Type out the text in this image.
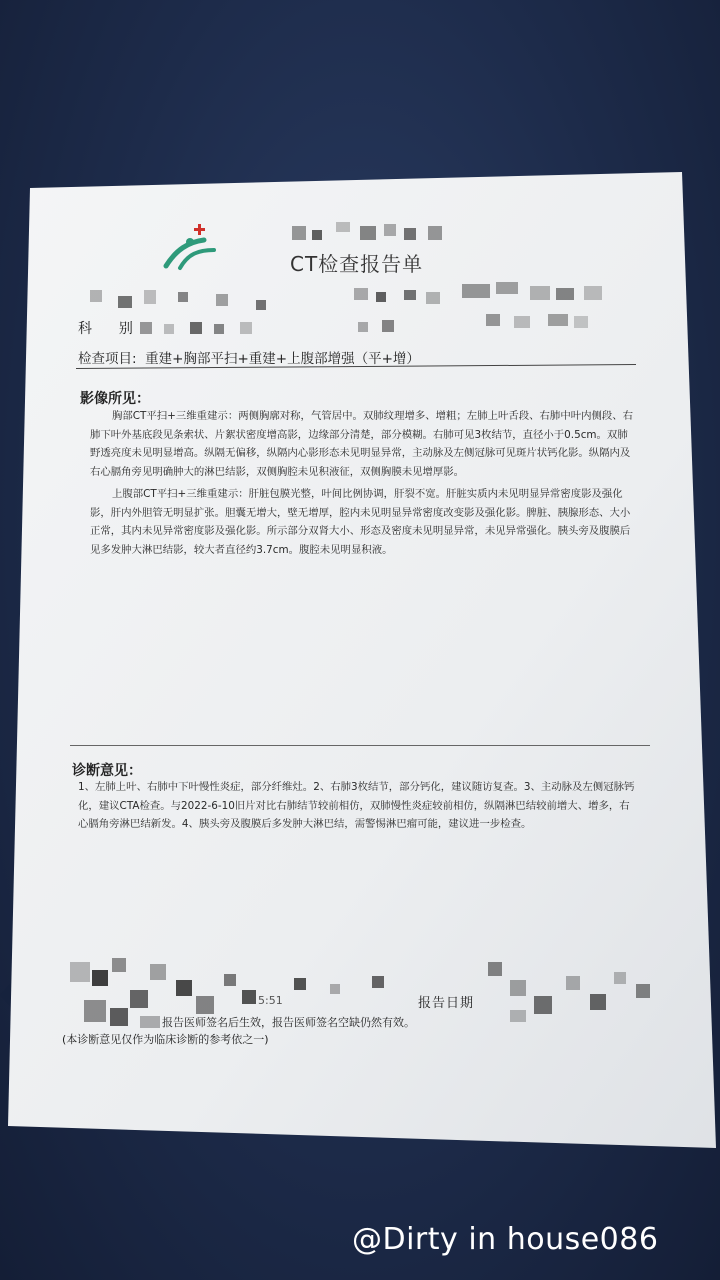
CT检查报告单
科  别
检查项目:  重建+胸部平扫+重建+上腹部增强（平+增）
影像所见：
胸部CT平扫+三维重建示：两侧胸廓对称，气管居中。双肺纹理增多、增粗；左肺上叶舌段、右肺中叶内侧段、右肺下叶外基底段见条索状、片絮状密度增高影，边缘部分清楚，部分模糊。右肺可见3枚结节，直径小于0.5cm。双肺野透亮度未见明显增高。纵隔无偏移，纵隔内心影形态未见明显异常，主动脉及左侧冠脉可见斑片状钙化影。纵隔内及右心膈角旁见明确肿大的淋巴结影，双侧胸腔未见积液征，双侧胸膜未见增厚影。
上腹部CT平扫+三维重建示：肝脏包膜光整，叶间比例协调，肝裂不宽。肝脏实质内未见明显异常密度影及强化影，肝内外胆管无明显扩张。胆囊无增大，壁无增厚，腔内未见明显异常密度改变影及强化影。脾脏、胰腺形态、大小正常，其内未见异常密度影及强化影。所示部分双肾大小、形态及密度未见明显异常，未见异常强化。胰头旁及腹膜后见多发肿大淋巴结影，较大者直径约3.7cm。腹腔未见明显积液。
诊断意见：
1、左肺上叶、右肺中下叶慢性炎症，部分纤维灶。2、右肺3枚结节，部分钙化，建议随访复查。3、主动脉及左侧冠脉钙化，建议CTA检查。与2022-6-10旧片对比右肺结节较前相仿，双肺慢性炎症较前相仿，纵隔淋巴结较前增大、增多，右心膈角旁淋巴结新发。4、胰头旁及腹膜后多发肿大淋巴结，需警惕淋巴瘤可能，建议进一步检查。
5:51	报告日期
报告医师签名后生效，报告医师签名空缺仍然有效。
(本诊断意见仅作为临床诊断的参考依之一)
@Dirty in house086
